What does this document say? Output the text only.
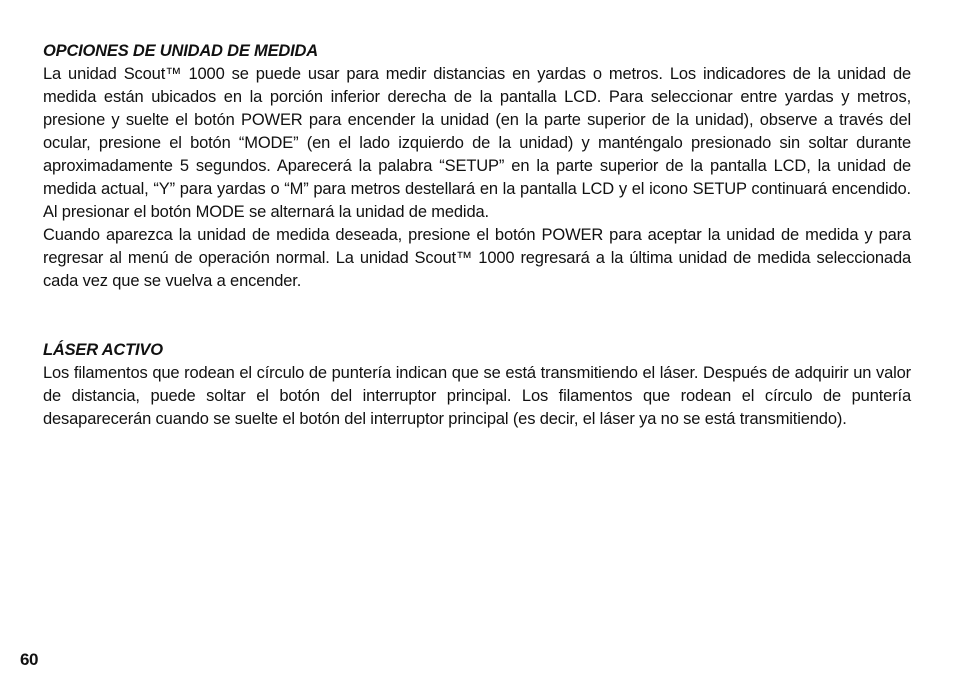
OPCIONES DE UNIDAD DE MEDIDA

La unidad Scout™ 1000 se puede usar para medir distancias en yardas o metros. Los indicadores de la unidad de medida están ubicados en la porción inferior derecha de la pantalla LCD. Para seleccionar entre yardas y metros, presione y suelte el botón POWER para encender la unidad (en la parte superior de la unidad), observe a través del ocular, presione el botón “MODE” (en el lado izquierdo de la unidad) y manténgalo presionado sin soltar durante aproximadamente 5 segundos. Aparecerá la palabra “SETUP” en la parte superior de la pantalla LCD, la unidad de medida actual, “Y” para yardas o “M” para metros destellará en la pantalla LCD y el icono SETUP continuará encendido. Al presionar el botón MODE se alternará la unidad de medida.

Cuando aparezca la unidad de medida deseada, presione el botón POWER para aceptar la unidad de medida y para regresar al menú de operación normal. La unidad Scout™ 1000 regresará a la última unidad de medida seleccionada cada vez que se vuelva a encender.

LÁSER ACTIVO

Los filamentos que rodean el círculo de puntería indican que se está transmitiendo el láser. Después de adquirir un valor de distancia, puede soltar el botón del interruptor principal. Los filamentos que rodean el círculo de puntería desaparecerán cuando se suelte el botón del interruptor principal (es decir, el láser ya no se está transmitiendo).

60
